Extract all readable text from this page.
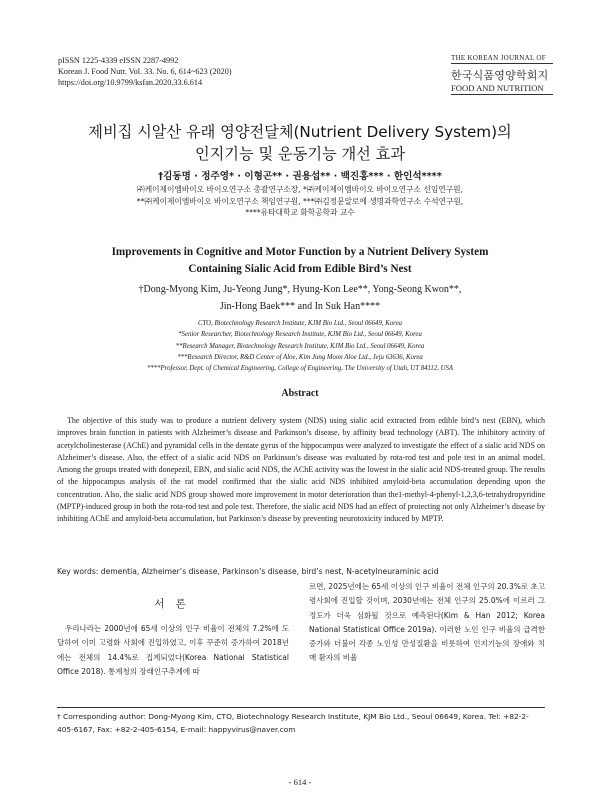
pISSN 1225-4339 eISSN 2287-4992
Korean J. Food Nutr. Vol. 33. No. 6, 614~623 (2020)
https://doi.org/10.9799/ksfan.2020.33.6.614
THE KOREAN JOURNAL OF
한국식품영양학회지
FOOD AND NUTRITION
제비집 시알산 유래 영양전달체(Nutrient Delivery System)의
인지기능 및 운동기능 개선 효과
†김동명 · 정주영* · 이형곤** · 권용섭** · 백진홍*** · 한인석****
㈜케이제이엠바이오 바이오연구소 총괄연구소장, *㈜케이제이엠바이오 바이오연구소 선임연구원,
**㈜케이제이엠바이오 바이오연구소 책임연구원, ***㈜김정문알로에 생명과학연구소 수석연구원,
****유타대학교 화학공학과 교수
Improvements in Cognitive and Motor Function by a Nutrient Delivery System
Containing Sialic Acid from Edible Bird’s Nest
†Dong-Myong Kim, Ju-Yeong Jung*, Hyung-Kon Lee**, Yong-Seong Kwon**,
Jin-Hong Baek*** and In Suk Han****
CTO, Biotechnology Research Institute, KJM Bio Ltd., Seoul 06649, Korea
*Senior Researcher, Biotechnology Research Institute, KJM Bio Ltd., Seoul 06649, Korea
**Research Manager, Biotechnology Research Institute, KJM Bio Ltd., Seoul 06649, Korea
***Research Director, R&D Center of Aloe, Kim Jung Moon Aloe Ltd., Jeju 63636, Korea
****Professor, Dept. of Chemical Engineering, College of Engineering, The University of Utah, UT 84112, USA
Abstract
The objective of this study was to produce a nutrient delivery system (NDS) using sialic acid extracted from edible bird’s nest (EBN), which improves brain function in patients with Alzheimer’s disease and Parkinson’s disease, by affinity bead technology (ABT). The inhibitory activity of acetylcholinesterase (AChE) and pyramidal cells in the dentate gyrus of the hippocampus were analyzed to investigate the effect of a sialic acid NDS on Alzheimer’s disease. Also, the effect of a sialic acid NDS on Parkinson’s disease was evaluated by rota-rod test and pole test in an animal model. Among the groups treated with donepezil, EBN, and sialic acid NDS, the AChE activity was the lowest in the sialic acid NDS-treated group. The results of the hippocampus analysis of the rat model confirmed that the sialic acid NDS inhibited amyloid-beta accumulation depending upon the concentration. Also, the sialic acid NDS group showed more improvement in motor deterioration than the1-methyl-4-phenyl-1,2,3,6-tetrahydropyridine (MPTP)-induced group in both the rota-rod test and pole test. Therefore, the sialic acid NDS had an effect of protecting not only Alzheimer’s disease by inhibiting AChE and amyloid-beta accumulation, but Parkinson’s disease by preventing neurotoxicity induced by MPTP.
Key words: dementia, Alzheimer’s disease, Parkinson’s disease, bird’s nest, N-acetylneuraminic acid
서 론
우리나라는 2000년에 65세 이상의 인구 비율이 전체의 7.2%에 도달하여 이미 고령화 사회에 진입하였고, 이후 꾸준히 증가하여 2018년에는 전체의 14.4%로 집계되었다(Korea National Statistical Office 2018). 통계청의 장래인구추계에 따
르면, 2025년에는 65세 이상의 인구 비율이 전체 인구의 20.3%로 초고령사회에 진입할 것이며, 2030년에는 전체 인구의 25.0%에 이르러 그 정도가 더욱 심화될 것으로 예측된다(Kim & Han 2012; Korea National Statistical Office 2019a). 이러한 노인 인구 비율의 급격한 증가와 더불어 각종 노인성 만성질환을 비롯하여 인지기능의 장애와 치매 환자의 비율
† Corresponding author: Dong-Myong Kim, CTO, Biotechnology Research Institute, KJM Bio Ltd., Seoul 06649, Korea. Tel: +82-2-405-6167, Fax: +82-2-405-6154, E-mail: happyvirus@naver.com
- 614 -
